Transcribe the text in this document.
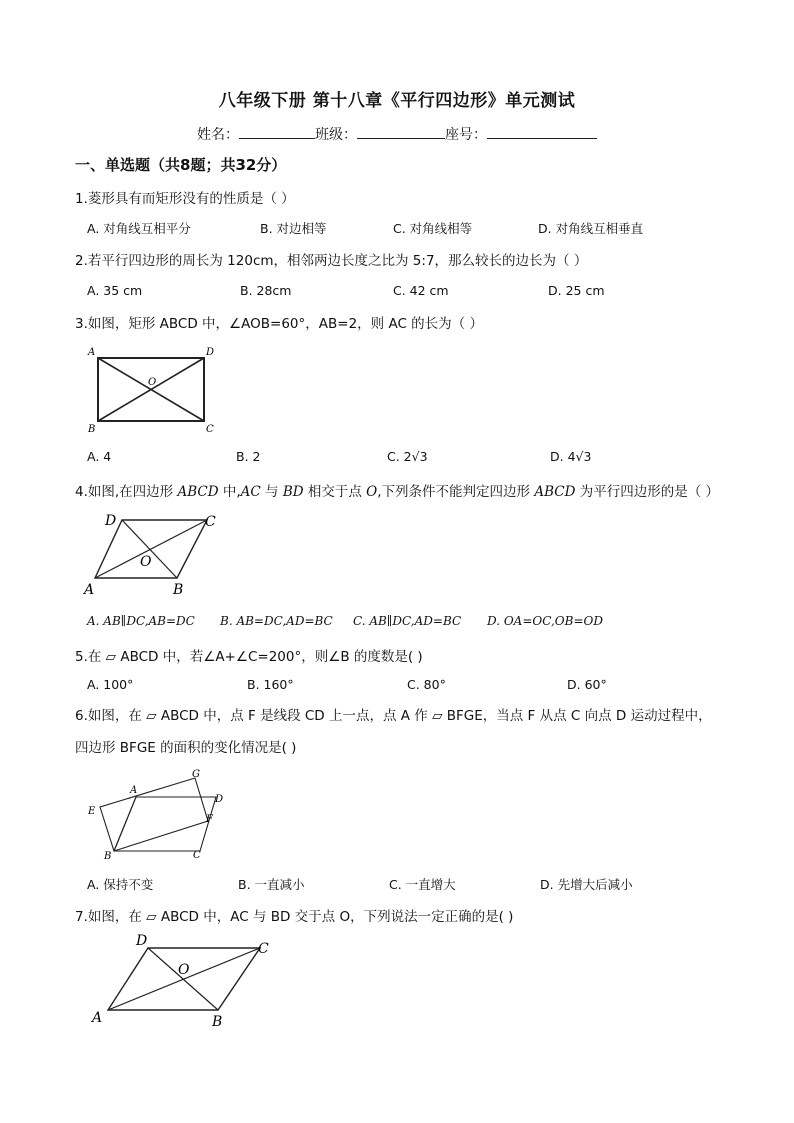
八年级下册 第十八章《平行四边形》单元测试
姓名：	班级：	座号：
一、单选题（共8题；共32分）
1.菱形具有而矩形没有的性质是（ ）
A. 对角线互相平分	B. 对边相等	C. 对角线相等	D. 对角线互相垂直
2.若平行四边形的周长为 120cm，相邻两边长度之比为 5:7，那么较长的边长为（ ）
A. 35 cm	B. 28cm	C. 42 cm	D. 25 cm
3.如图，矩形 ABCD 中，∠AOB=60°，AB=2，则 AC 的长为（ ）
A	D
B	C
O
A. 4	B. 2	C. 2√3	D. 4√3
4.如图,在四边形 ABCD 中,AC 与 BD 相交于点 O,下列条件不能判定四边形 ABCD 为平行四边形的是（ ）
D	C
A	B
O
A. AB∥DC,AB=DC B. AB=DC,AD=BC C. AB∥DC,AD=BC D. OA=OC,OB=OD
5.在 ▱ ABCD 中，若∠A+∠C=200°，则∠B 的度数是( )
A. 100°	B. 160°	C. 80°	D. 60°
6.如图，在 ▱ ABCD 中，点 F 是线段 CD 上一点，点 A 作 ▱ BFGE，当点 F 从点 C 向点 D 运动过程中，四边形 BFGE 的面积的变化情况是( )
A
G
D
F
E
B	C
A. 保持不变	B. 一直减小	C. 一直增大	D. 先增大后减小
7.如图，在 ▱ ABCD 中，AC 与 BD 交于点 O，下列说法一定正确的是( )
D	C
A	B
O
